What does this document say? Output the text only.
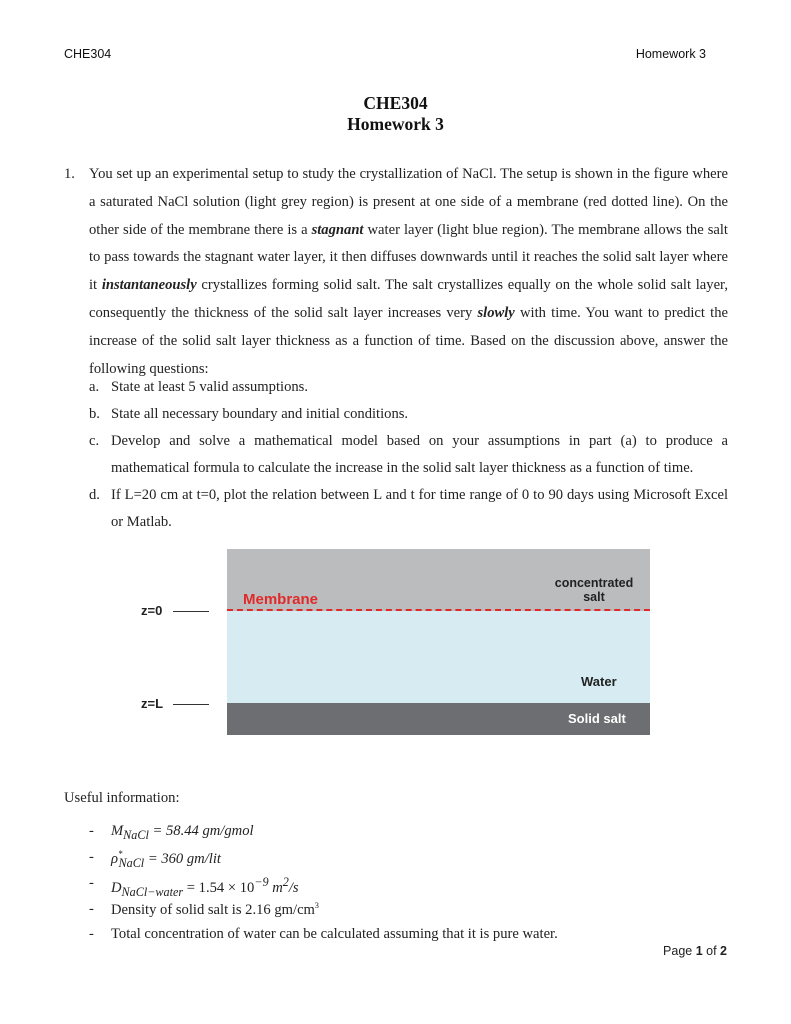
CHE304	Homework 3
CHE304
Homework 3
1. You set up an experimental setup to study the crystallization of NaCl. The setup is shown in the figure where a saturated NaCl solution (light grey region) is present at one side of a membrane (red dotted line). On the other side of the membrane there is a stagnant water layer (light blue region). The membrane allows the salt to pass towards the stagnant water layer, it then diffuses downwards until it reaches the solid salt layer where it instantaneously crystallizes forming solid salt. The salt crystallizes equally on the whole solid salt layer, consequently the thickness of the solid salt layer increases very slowly with time. You want to predict the increase of the solid salt layer thickness as a function of time. Based on the discussion above, answer the following questions:
a. State at least 5 valid assumptions.
b. State all necessary boundary and initial conditions.
c. Develop and solve a mathematical model based on your assumptions in part (a) to produce a mathematical formula to calculate the increase in the solid salt layer thickness as a function of time.
d. If L=20 cm at t=0, plot the relation between L and t for time range of 0 to 90 days using Microsoft Excel or Matlab.
z=0
z=L
Membrane
concentrated
salt
Water
Solid salt
Useful information:
- $M_{NaCl} = 58.44$ gm/gmol
- $\rho^*_{NaCl} = 360$ gm/lit
- $D_{NaCl-water} = 1.54 \times 10^{-9}$ $m^2/s$
- Density of solid salt is 2.16 $gm/cm^3$
- Total concentration of water can be calculated assuming that it is pure water.
Page 1 of 2
